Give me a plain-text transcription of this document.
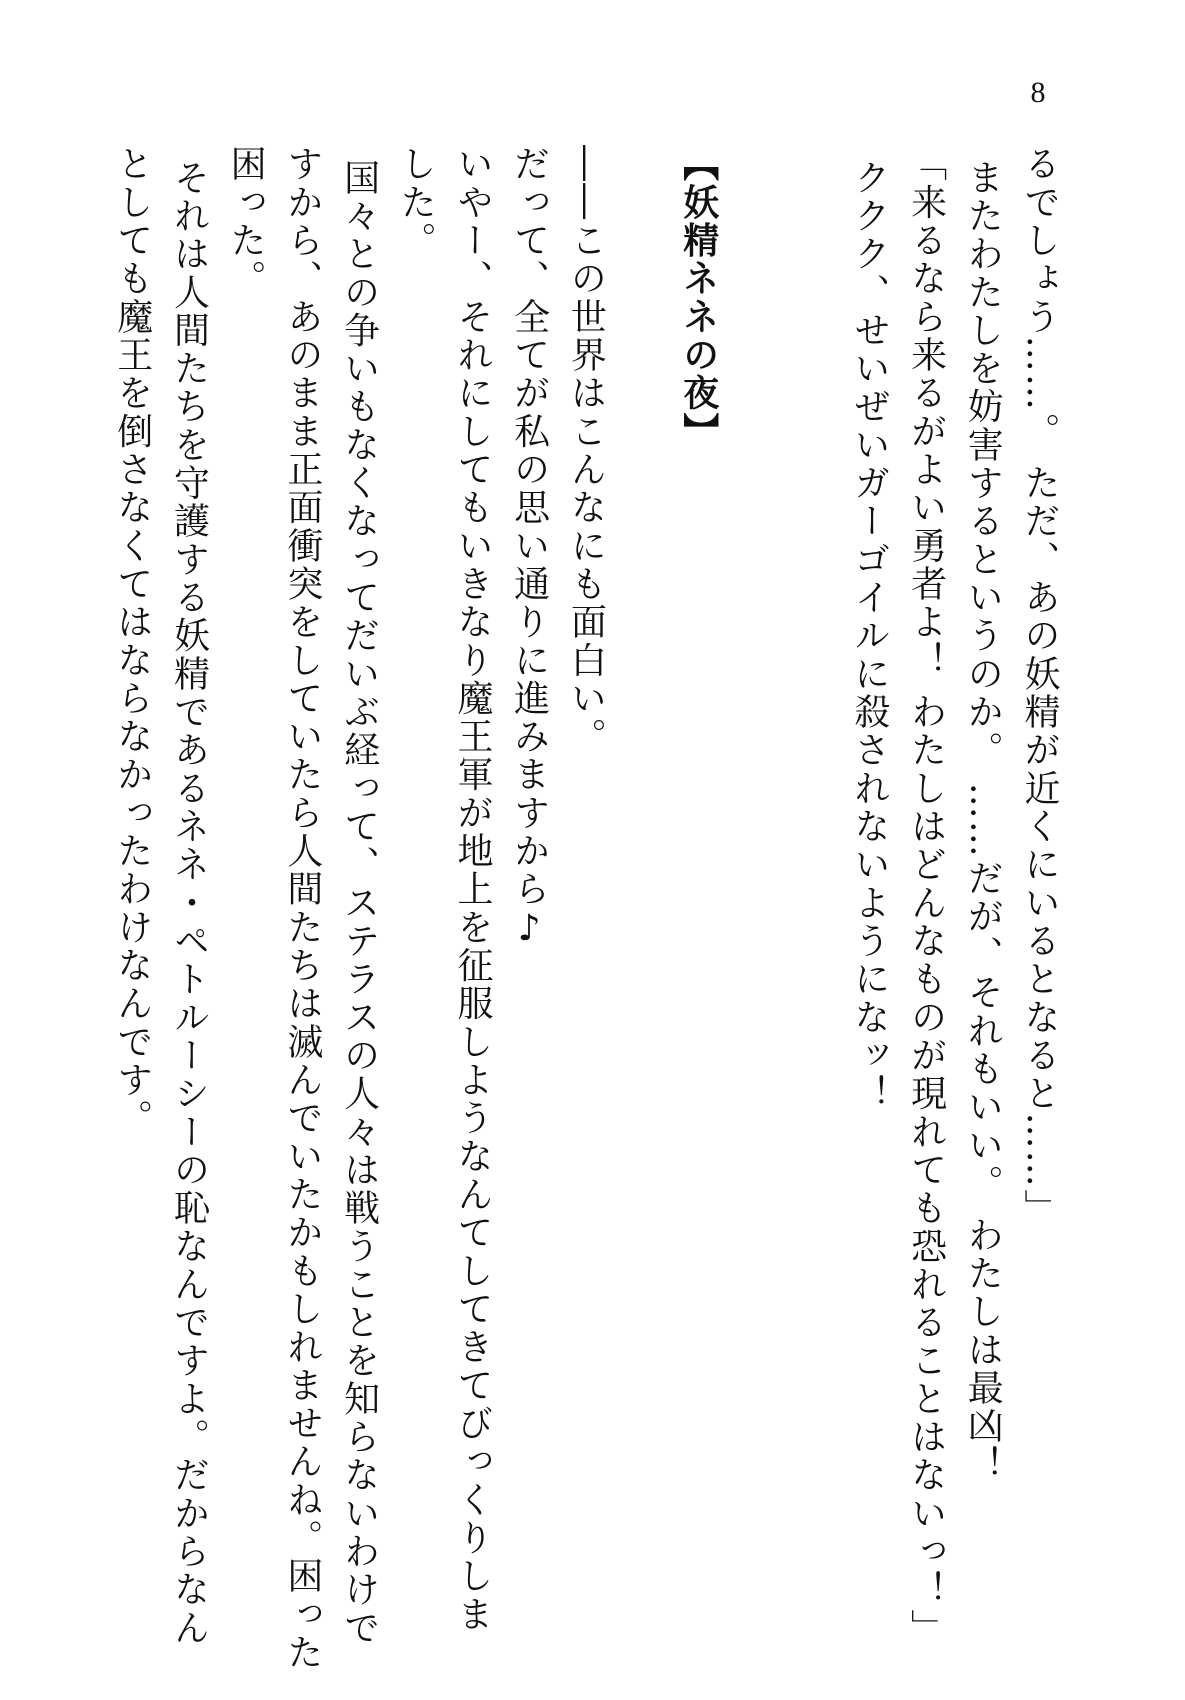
8
るでしょう……。 ただ、あの妖精が近くにいるとなると……」
またわたしを妨害するというのか。 ……だが、それもいい。 わたしは最凶！
「来るなら来るがよい勇者よ！ わたしはどんなものが現れても恐れることはないっ！」
ククク、せいぜいガーゴイルに殺されないようになッ！
【妖精ネネの夜】
――この世界はこんなにも面白い。
だって、全てが私の思い通りに進みますから♪
いやー、それにしてもいきなり魔王軍が地上を征服しようなんてしてきてびっくりしま
した。
国々との争いもなくなってだいぶ経って、ステラスの人々は戦うことを知らないわけで
すから、あのまま正面衝突をしていたら人間たちは滅んでいたかもしれませんね。困った
困った。
それは人間たちを守護する妖精であるネネ・ペトルーシーの恥なんですよ。だからなん
としても魔王を倒さなくてはならなかったわけなんです。
